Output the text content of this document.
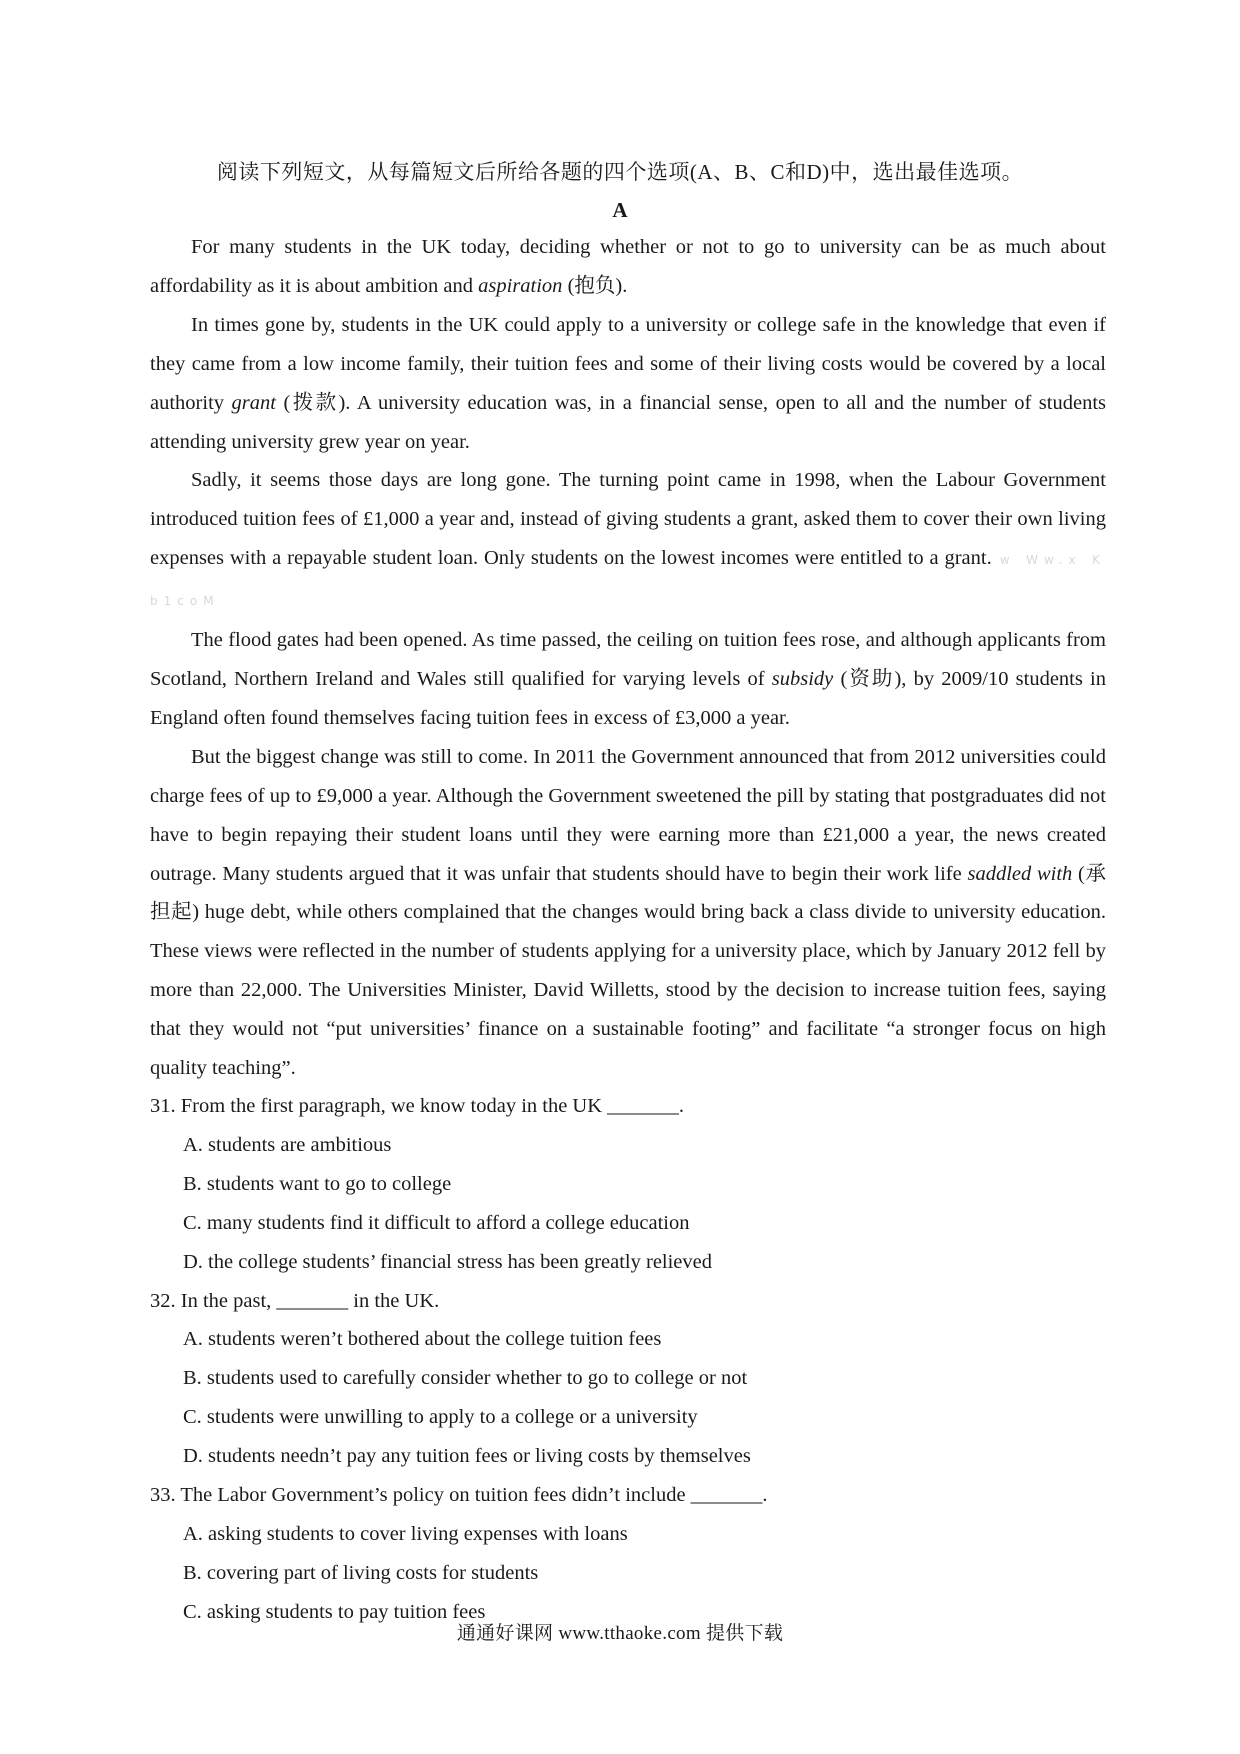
阅读下列短文，从每篇短文后所给各题的四个选项(A、B、C和D)中，选出最佳选项。
A

For many students in the UK today, deciding whether or not to go to university can be as much about affordability as it is about ambition and aspiration (抱负).

In times gone by, students in the UK could apply to a university or college safe in the knowledge that even if they came from a low income family, their tuition fees and some of their living costs would be covered by a local authority grant (拨款). A university education was, in a financial sense, open to all and the number of students attending university grew year on year.

Sadly, it seems those days are long gone. The turning point came in 1998, when the Labour Government introduced tuition fees of £1,000 a year and, instead of giving students a grant, asked them to cover their own living expenses with a repayable student loan. Only students on the lowest incomes were entitled to a grant. w Ww.x K b1coM

The flood gates had been opened. As time passed, the ceiling on tuition fees rose, and although applicants from Scotland, Northern Ireland and Wales still qualified for varying levels of subsidy (资助), by 2009/10 students in England often found themselves facing tuition fees in excess of £3,000 a year.

But the biggest change was still to come. In 2011 the Government announced that from 2012 universities could charge fees of up to £9,000 a year. Although the Government sweetened the pill by stating that postgraduates did not have to begin repaying their student loans until they were earning more than £21,000 a year, the news created outrage. Many students argued that it was unfair that students should have to begin their work life saddled with (承担起) huge debt, while others complained that the changes would bring back a class divide to university education. These views were reflected in the number of students applying for a university place, which by January 2012 fell by more than 22,000. The Universities Minister, David Willetts, stood by the decision to increase tuition fees, saying that they would not “put universities’ finance on a sustainable footing” and facilitate “a stronger focus on high quality teaching”.

31. From the first paragraph, we know today in the UK _______.

A. students are ambitious

B. students want to go to college

C. many students find it difficult to afford a college education

D. the college students’ financial stress has been greatly relieved

32. In the past, _______ in the UK.

A. students weren’t bothered about the college tuition fees

B. students used to carefully consider whether to go to college or not

C. students were unwilling to apply to a college or a university

D. students needn’t pay any tuition fees or living costs by themselves

33. The Labor Government’s policy on tuition fees didn’t include _______.

A. asking students to cover living expenses with loans

B. covering part of living costs for students

C. asking students to pay tuition fees

通通好课网 www.tthaoke.com 提供下载
